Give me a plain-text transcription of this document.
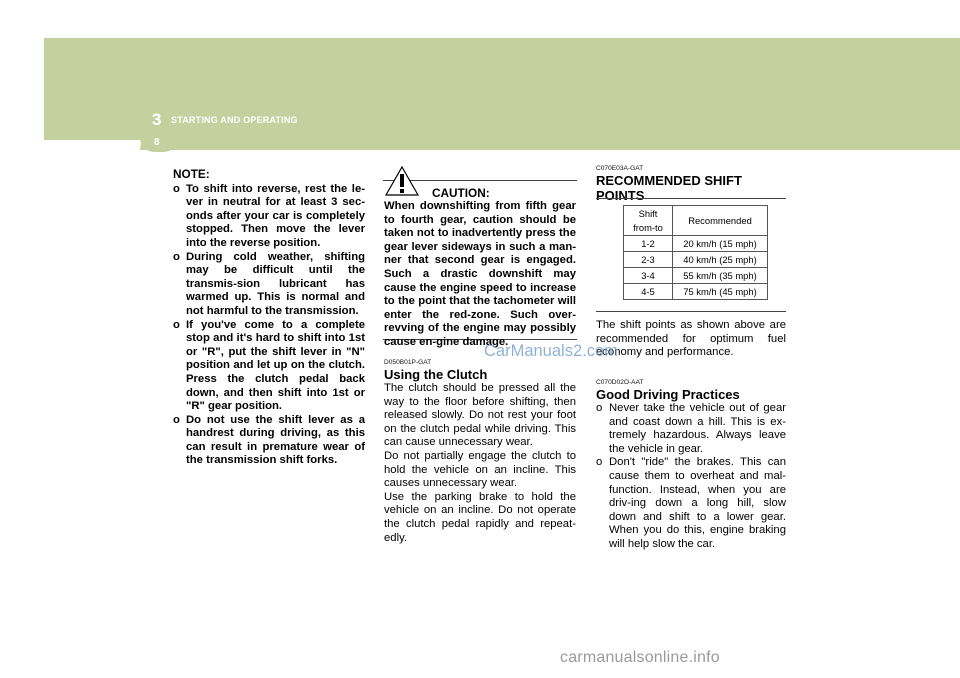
3 STARTING AND OPERATING
8
NOTE:
o To shift into reverse, rest the le-ver in neutral for at least 3 sec-onds after your car is completely stopped. Then move the lever into the reverse position.
o During cold weather, shifting may be difficult until the transmis-sion lubricant has warmed up. This is normal and not harmful to the transmission.
o If you've come to a complete stop and it's hard to shift into 1st or "R", put the shift lever in "N" position and let up on the clutch. Press the clutch pedal back down, and then shift into 1st or "R" gear position.
o Do not use the shift lever as a handrest during driving, as this can result in premature wear of the transmission shift forks.
CAUTION:
When downshifting from fifth gear to fourth gear, caution should be taken not to inadvertently press the gear lever sideways in such a man-ner that second gear is engaged. Such a drastic downshift may cause the engine speed to increase to the point that the tachometer will enter the red-zone. Such over-revving of the engine may possibly cause en-gine damage.
D050B01P-GAT
Using the Clutch
The clutch should be pressed all the way to the floor before shifting, then released slowly. Do not rest your foot on the clutch pedal while driving. This can cause unnecessary wear.
Do not partially engage the clutch to hold the vehicle on an incline. This causes unnecessary wear.
Use the parking brake to hold the vehicle on an incline. Do not operate the clutch pedal rapidly and repeat-edly.
C070E03A-GAT
RECOMMENDED SHIFT POINTS
Shift
from-to	Recommended
1-2	20 km/h (15 mph)
2-3	40 km/h (25 mph)
3-4	55 km/h (35 mph)
4-5	75 km/h (45 mph)
The shift points as shown above are recommended for optimum fuel economy and performance.
C070D02O-AAT
Good Driving Practices
o Never take the vehicle out of gear and coast down a hill. This is ex-tremely hazardous. Always leave the vehicle in gear.
o Don't "ride" the brakes. This can cause them to overheat and mal-function. Instead, when you are driv-ing down a long hill, slow down and shift to a lower gear. When you do this, engine braking will help slow the car.
CarManuals2.com
carmanualsonline.info
